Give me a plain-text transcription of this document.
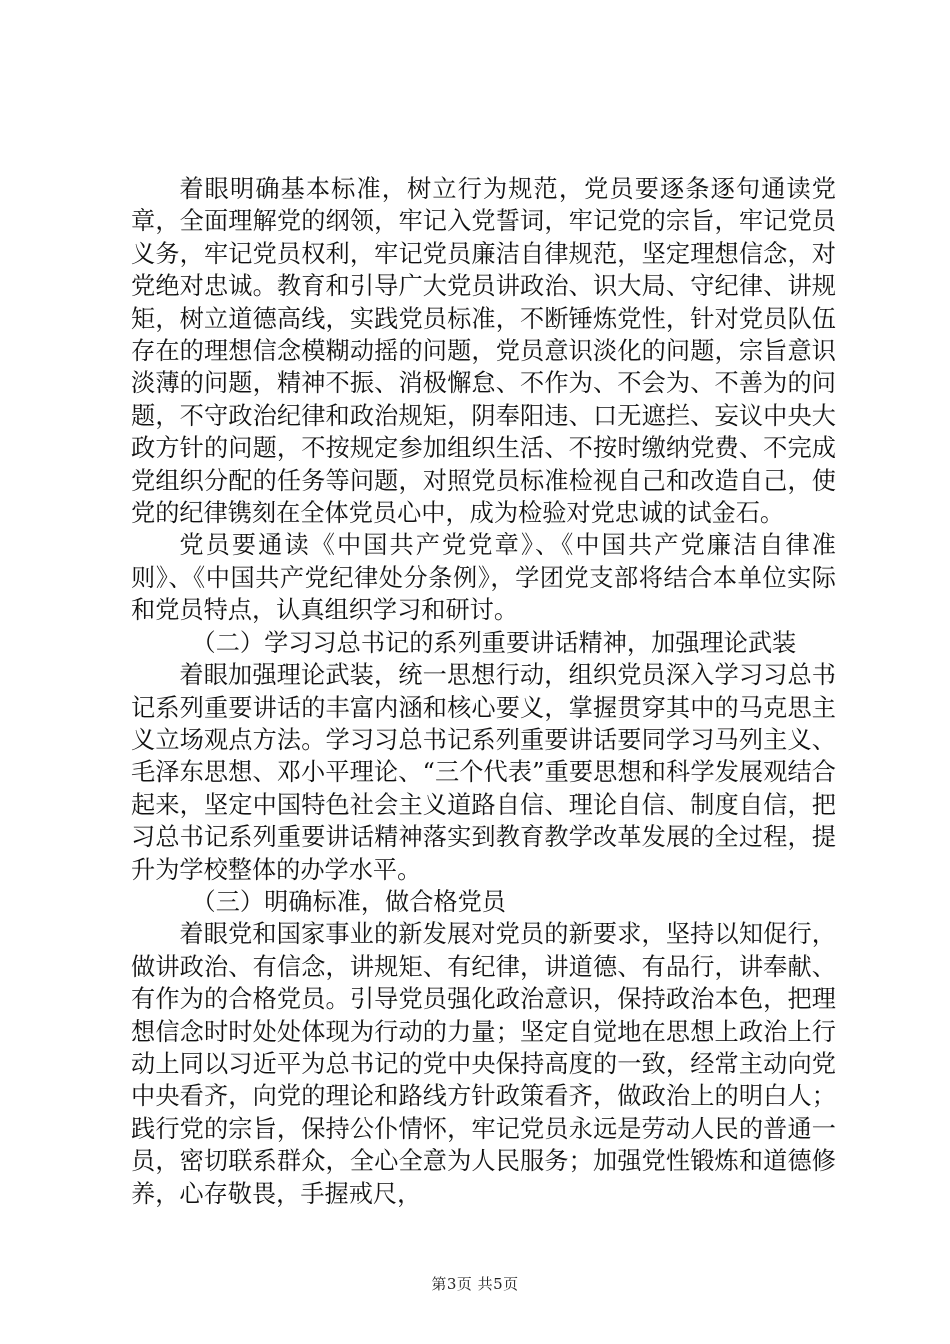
着眼明确基本标准，树立行为规范，党员要逐条逐句通读党章，全面理解党的纲领，牢记入党誓词，牢记党的宗旨，牢记党员义务，牢记党员权利，牢记党员廉洁自律规范，坚定理想信念，对党绝对忠诚。教育和引导广大党员讲政治、识大局、守纪律、讲规矩，树立道德高线，实践党员标准，不断锤炼党性，针对党员队伍存在的理想信念模糊动摇的问题，党员意识淡化的问题，宗旨意识淡薄的问题，精神不振、消极懈怠、不作为、不会为、不善为的问题，不守政治纪律和政治规矩，阴奉阳违、口无遮拦、妄议中央大政方针的问题，不按规定参加组织生活、不按时缴纳党费、不完成党组织分配的任务等问题，对照党员标准检视自己和改造自己，使党的纪律镌刻在全体党员心中，成为检验对党忠诚的试金石。

党员要通读《中国共产党党章》、《中国共产党廉洁自律准则》、《中国共产党纪律处分条例》，学团党支部将结合本单位实际和党员特点，认真组织学习和研讨。

（二）学习习总书记的系列重要讲话精神，加强理论武装

着眼加强理论武装，统一思想行动，组织党员深入学习习总书记系列重要讲话的丰富内涵和核心要义，掌握贯穿其中的马克思主义立场观点方法。学习习总书记系列重要讲话要同学习马列主义、毛泽东思想、邓小平理论、“三个代表”重要思想和科学发展观结合起来，坚定中国特色社会主义道路自信、理论自信、制度自信，把习总书记系列重要讲话精神落实到教育教学改革发展的全过程，提升为学校整体的办学水平。

（三）明确标准，做合格党员

着眼党和国家事业的新发展对党员的新要求，坚持以知促行，做讲政治、有信念，讲规矩、有纪律，讲道德、有品行，讲奉献、有作为的合格党员。引导党员强化政治意识，保持政治本色，把理想信念时时处处体现为行动的力量；坚定自觉地在思想上政治上行动上同以习近平为总书记的党中央保持高度的一致，经常主动向党中央看齐，向党的理论和路线方针政策看齐，做政治上的明白人；践行党的宗旨，保持公仆情怀，牢记党员永远是劳动人民的普通一员，密切联系群众，全心全意为人民服务；加强党性锻炼和道德修养，心存敬畏，手握戒尺，

第3页 共5页
